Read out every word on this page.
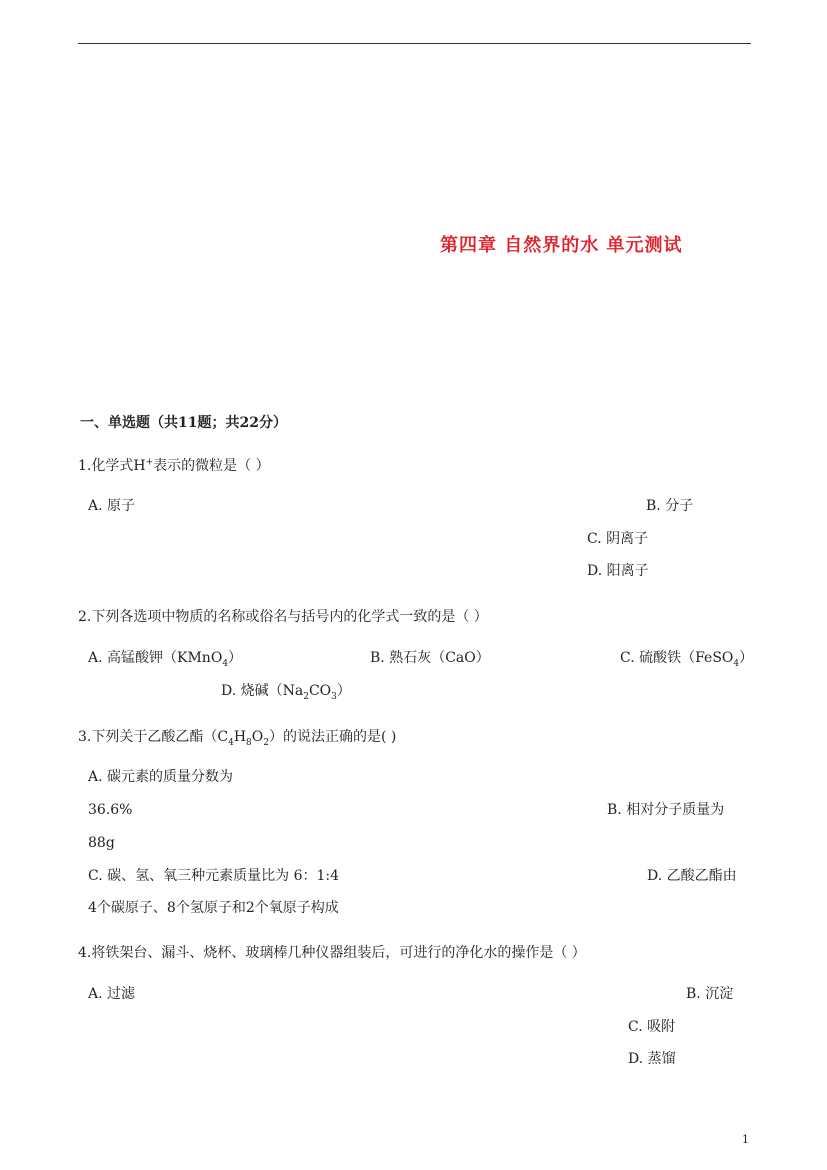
第四章 自然界的水 单元测试
一、单选题（共11题；共22分）
1.化学式H+表示的微粒是（ ）
A. 原子	B. 分子
C. 阴离子
D. 阳离子
2.下列各选项中物质的名称或俗名与括号内的化学式一致的是（ ）
A. 高锰酸钾（KMnO$_4$）	B. 熟石灰（CaO）	C. 硫酸铁（FeSO$_4$）
D. 烧碱$(Na_2CO_3)$
3.下列关于乙酸乙酯$(C_4H_8O_2)$的说法正确的是( )
A. 碳元素的质量分数为
36.6%	B. 相对分子质量为
88g
C. 碳、氢、氧三种元素质量比为 6：1:4	D. 乙酸乙酯由
4个碳原子、8个氢原子和2个氧原子构成
4.将铁架台、漏斗、烧杯、玻璃棒几种仪器组装后，可进行的净化水的操作是（ ）
A. 过滤	B. 沉淀
C. 吸附
D. 蒸馏
1
